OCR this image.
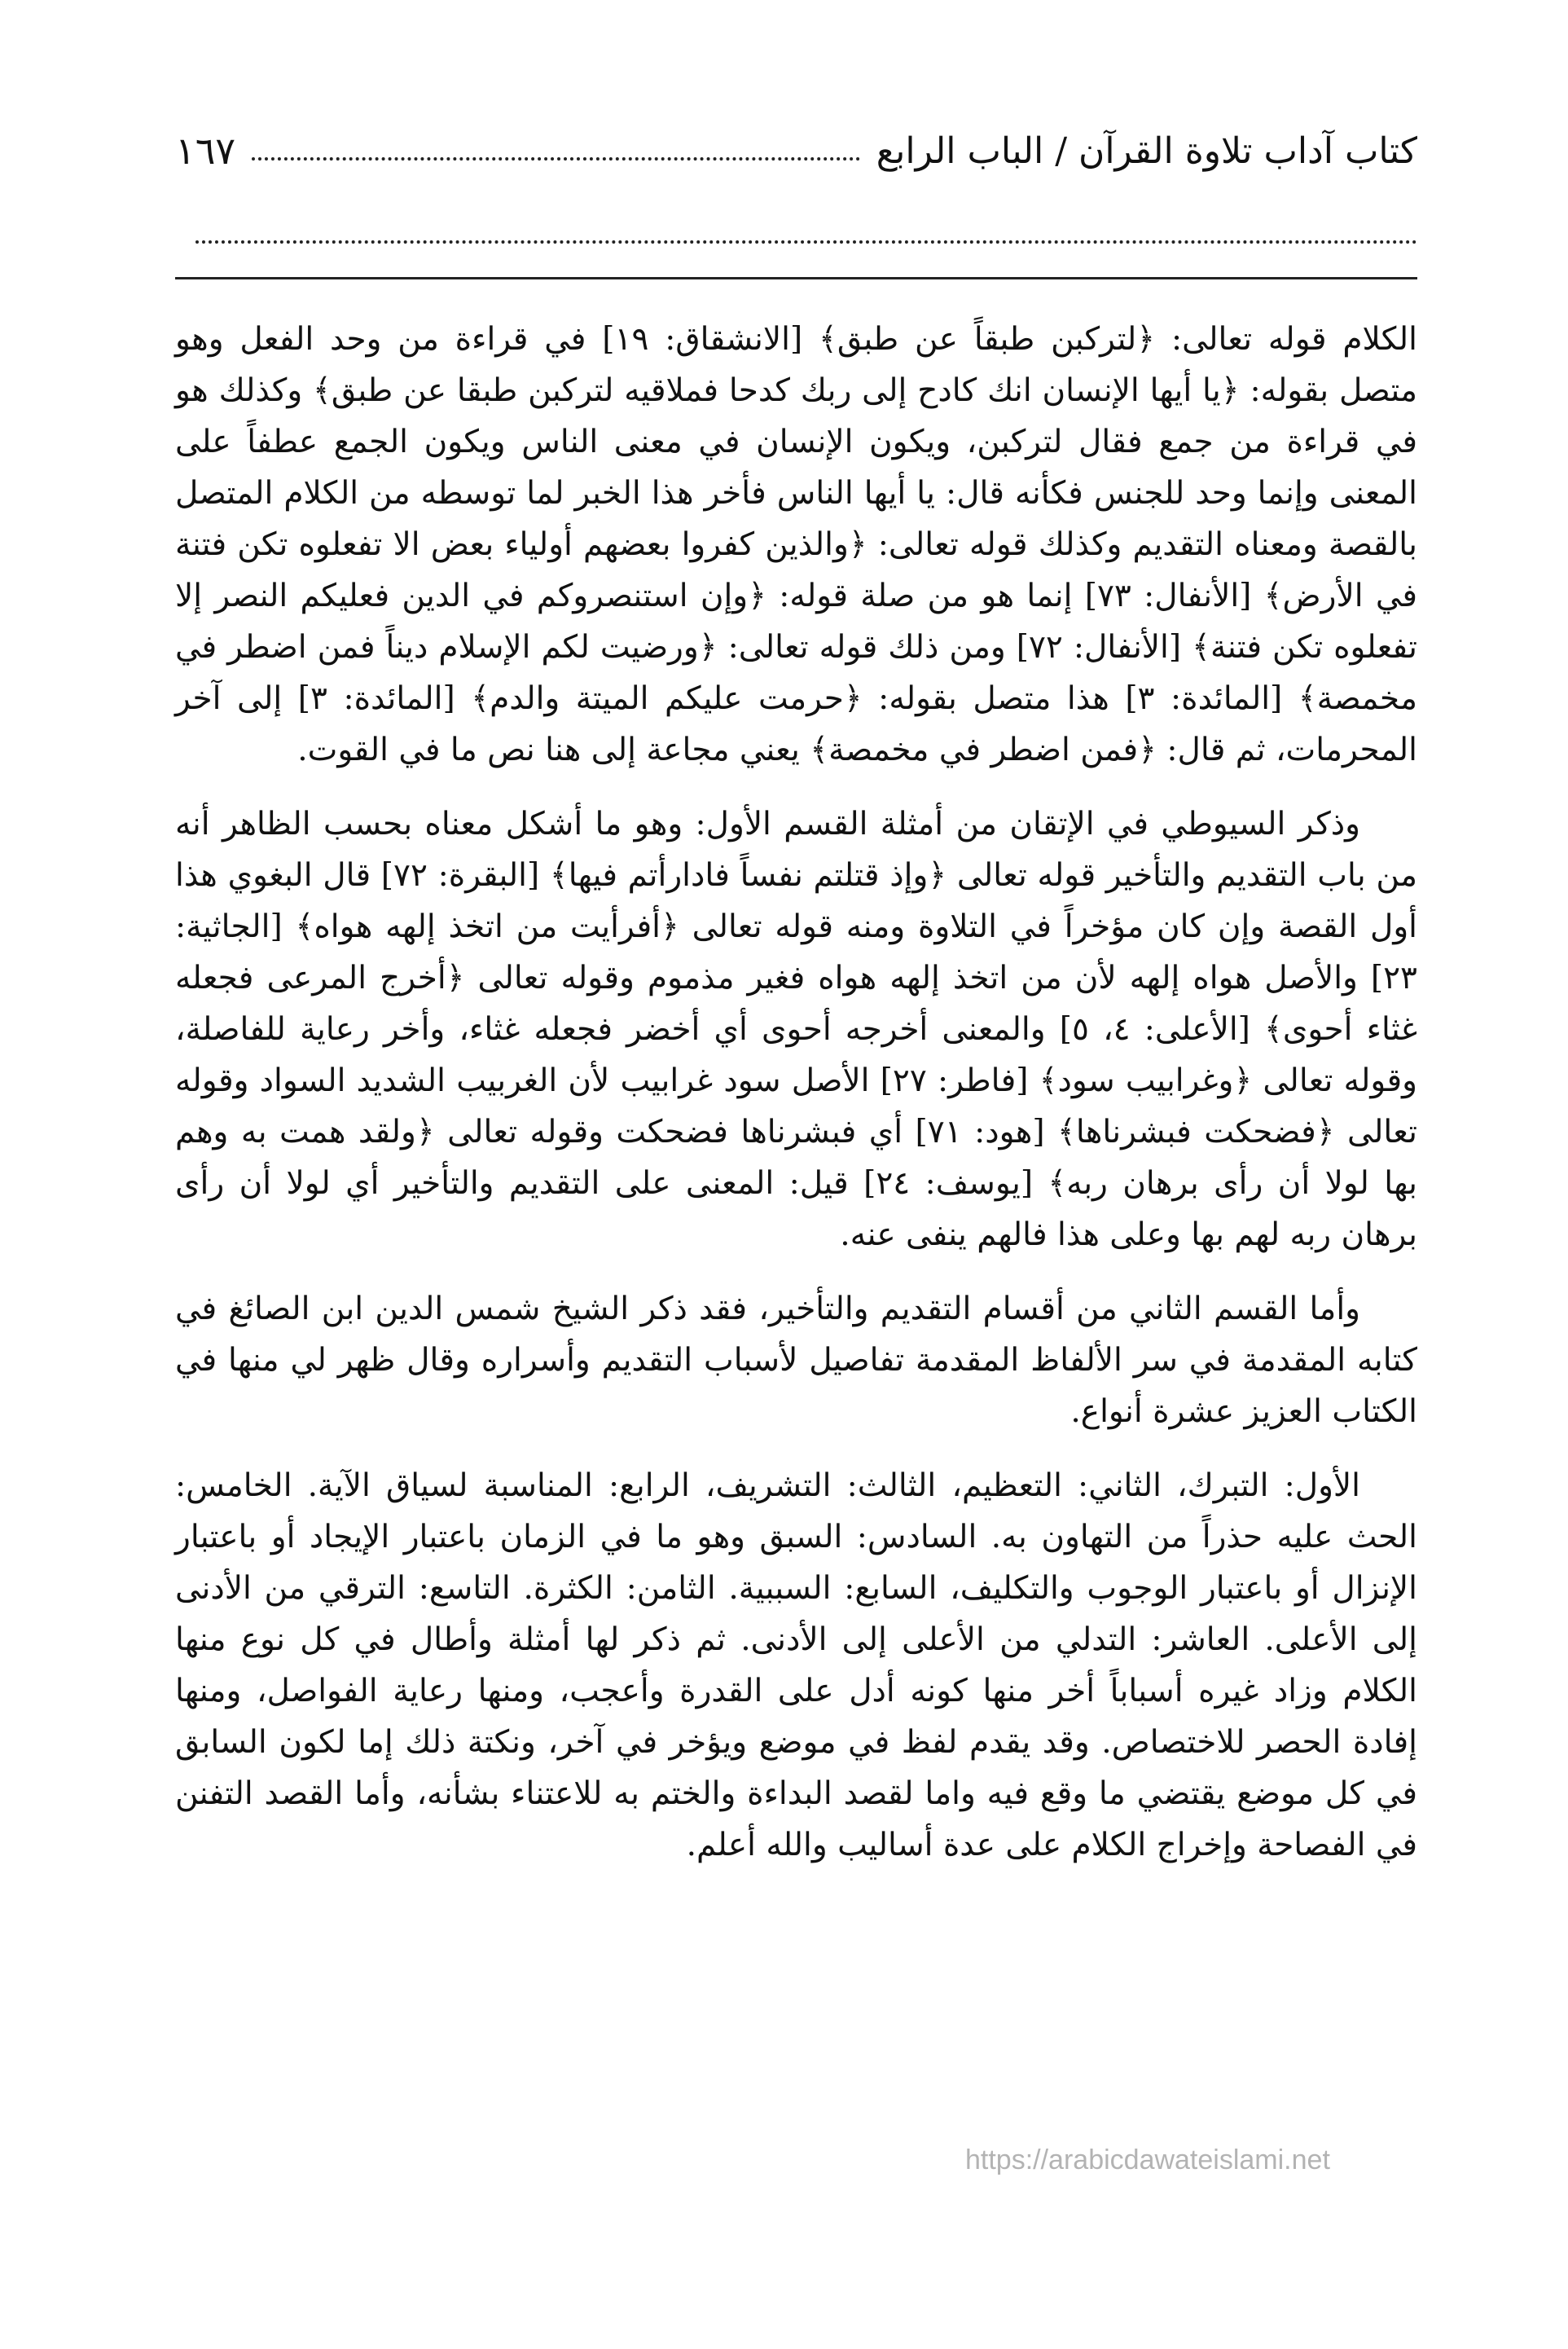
كتاب آداب تلاوة القرآن / الباب الرابع
١٦٧

الكلام قوله تعالى: ﴿لتركبن طبقاً عن طبق﴾ [الانشقاق: ١٩] في قراءة من وحد الفعل وهو متصل بقوله: ﴿يا أيها الإنسان انك كادح إلى ربك كدحا فملاقيه لتركبن طبقا عن طبق﴾ وكذلك هو في قراءة من جمع فقال لتركبن، ويكون الإنسان في معنى الناس ويكون الجمع عطفاً على المعنى وإنما وحد للجنس فكأنه قال: يا أيها الناس فأخر هذا الخبر لما توسطه من الكلام المتصل بالقصة ومعناه التقديم وكذلك قوله تعالى: ﴿والذين كفروا بعضهم أولياء بعض الا تفعلوه تكن فتنة في الأرض﴾ [الأنفال: ٧٣] إنما هو من صلة قوله: ﴿وإن استنصروكم في الدين فعليكم النصر إلا تفعلوه تكن فتنة﴾ [الأنفال: ٧٢] ومن ذلك قوله تعالى: ﴿ورضيت لكم الإسلام ديناً فمن اضطر في مخمصة﴾ [المائدة: ٣] هذا متصل بقوله: ﴿حرمت عليكم الميتة والدم﴾ [المائدة: ٣] إلى آخر المحرمات، ثم قال: ﴿فمن اضطر في مخمصة﴾ يعني مجاعة إلى هنا نص ما في القوت.

وذكر السيوطي في الإتقان من أمثلة القسم الأول: وهو ما أشكل معناه بحسب الظاهر أنه من باب التقديم والتأخير قوله تعالى ﴿وإذ قتلتم نفساً فادارأتم فيها﴾ [البقرة: ٧٢] قال البغوي هذا أول القصة وإن كان مؤخراً في التلاوة ومنه قوله تعالى ﴿أفرأيت من اتخذ إلهه هواه﴾ [الجاثية: ٢٣] والأصل هواه إلهه لأن من اتخذ إلهه هواه فغير مذموم وقوله تعالى ﴿أخرج المرعى فجعله غثاء أحوى﴾ [الأعلى: ٤، ٥] والمعنى أخرجه أحوى أي أخضر فجعله غثاء، وأخر رعاية للفاصلة، وقوله تعالى ﴿وغرابيب سود﴾ [فاطر: ٢٧] الأصل سود غرابيب لأن الغربيب الشديد السواد وقوله تعالى ﴿فضحكت فبشرناها﴾ [هود: ٧١] أي فبشرناها فضحكت وقوله تعالى ﴿ولقد همت به وهم بها لولا أن رأى برهان ربه﴾ [يوسف: ٢٤] قيل: المعنى على التقديم والتأخير أي لولا أن رأى برهان ربه لهم بها وعلى هذا فالهم ينفى عنه.

وأما القسم الثاني من أقسام التقديم والتأخير، فقد ذكر الشيخ شمس الدين ابن الصائغ في كتابه المقدمة في سر الألفاظ المقدمة تفاصيل لأسباب التقديم وأسراره وقال ظهر لي منها في الكتاب العزيز عشرة أنواع.

الأول: التبرك، الثاني: التعظيم، الثالث: التشريف، الرابع: المناسبة لسياق الآية. الخامس: الحث عليه حذراً من التهاون به. السادس: السبق وهو ما في الزمان باعتبار الإيجاد أو باعتبار الإنزال أو باعتبار الوجوب والتكليف، السابع: السببية. الثامن: الكثرة. التاسع: الترقي من الأدنى إلى الأعلى. العاشر: التدلي من الأعلى إلى الأدنى. ثم ذكر لها أمثلة وأطال في كل نوع منها الكلام وزاد غيره أسباباً أخر منها كونه أدل على القدرة وأعجب، ومنها رعاية الفواصل، ومنها إفادة الحصر للاختصاص. وقد يقدم لفظ في موضع ويؤخر في آخر، ونكتة ذلك إما لكون السابق في كل موضع يقتضي ما وقع فيه واما لقصد البداءة والختم به للاعتناء بشأنه، وأما القصد التفنن في الفصاحة وإخراج الكلام على عدة أساليب والله أعلم.

https://arabicdawateislami.net
